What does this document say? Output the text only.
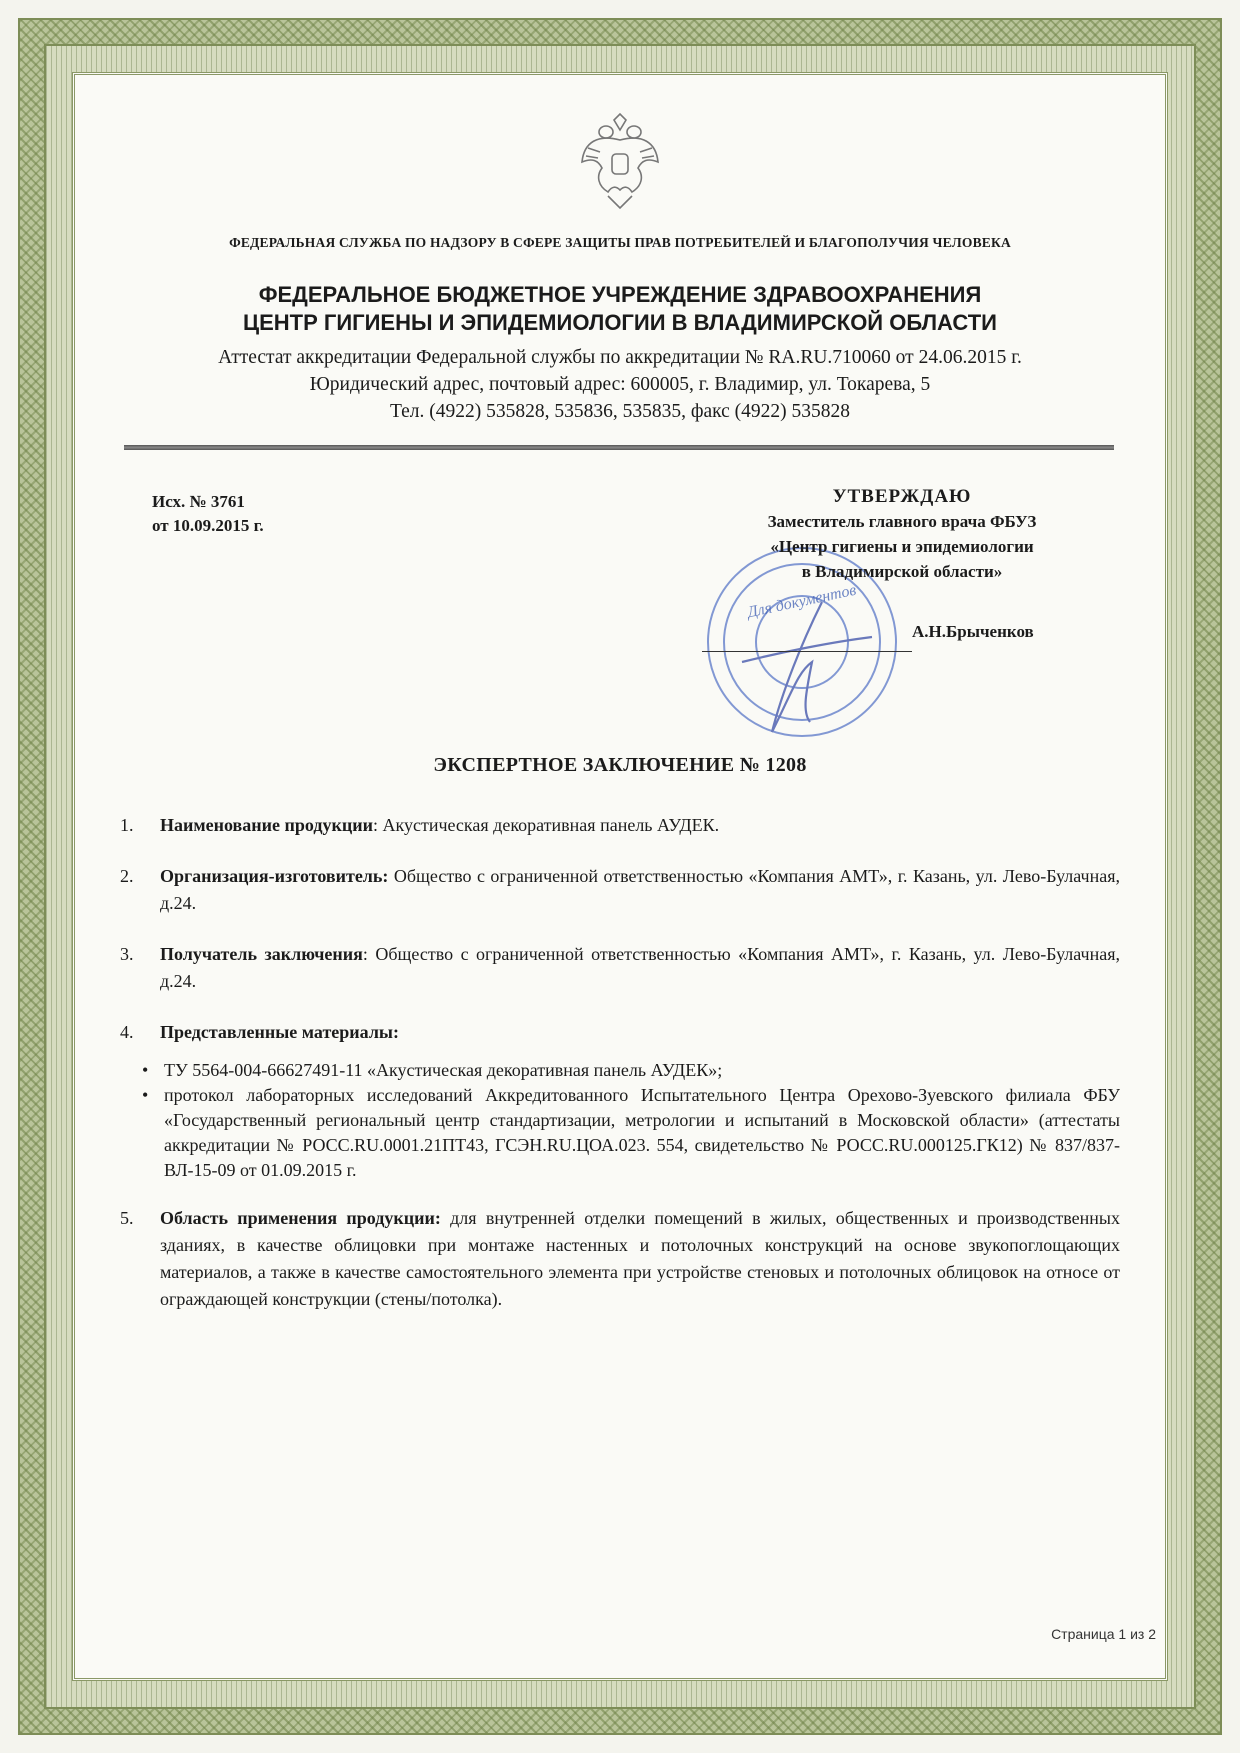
ФЕДЕРАЛЬНАЯ СЛУЖБА ПО НАДЗОРУ В СФЕРЕ ЗАЩИТЫ ПРАВ ПОТРЕБИТЕЛЕЙ И БЛАГОПОЛУЧИЯ ЧЕЛОВЕКА
ФЕДЕРАЛЬНОЕ БЮДЖЕТНОЕ УЧРЕЖДЕНИЕ ЗДРАВООХРАНЕНИЯ
ЦЕНТР ГИГИЕНЫ И ЭПИДЕМИОЛОГИИ В ВЛАДИМИРСКОЙ ОБЛАСТИ
Аттестат аккредитации Федеральной службы по аккредитации № RA.RU.710060 от 24.06.2015 г.
Юридический адрес, почтовый адрес: 600005, г. Владимир, ул. Токарева, 5
Тел. (4922) 535828, 535836, 535835, факс (4922) 535828
Исх. № 3761
от 10.09.2015 г.
Для документов
УТВЕРЖДАЮ
Заместитель главного врача ФБУЗ
«Центр гигиены и эпидемиологии
в Владимирской области»
А.Н.Брыченков
ЭКСПЕРТНОЕ ЗАКЛЮЧЕНИЕ № 1208
1.	Наименование продукции: Акустическая декоративная панель АУДЕК.
2.	Организация-изготовитель: Общество с ограниченной ответственностью «Компания АМТ», г. Казань, ул. Лево-Булачная, д.24.
3.	Получатель заключения: Общество с ограниченной ответственностью «Компания АМТ», г. Казань, ул. Лево-Булачная, д.24.
4.	Представленные материалы:
• ТУ 5564-004-66627491-11 «Акустическая декоративная панель АУДЕК»;
• протокол лабораторных исследований Аккредитованного Испытательного Центра Орехово-Зуевского филиала ФБУ «Государственный региональный центр стандартизации, метрологии и испытаний в Московской области» (аттестаты аккредитации № РОСС.RU.0001.21ПТ43, ГСЭН.RU.ЦОА.023. 554, свидетельство № РОСС.RU.000125.ГК12) № 837/837-ВЛ-15-09 от 01.09.2015 г.
5.	Область применения продукции: для внутренней отделки помещений в жилых, общественных и производственных зданиях, в качестве облицовки при монтаже настенных и потолочных конструкций на основе звукопоглощающих материалов, а также в качестве самостоятельного элемента при устройстве стеновых и потолочных облицовок на относе от ограждающей конструкции (стены/потолка).
Страница 1 из 2
